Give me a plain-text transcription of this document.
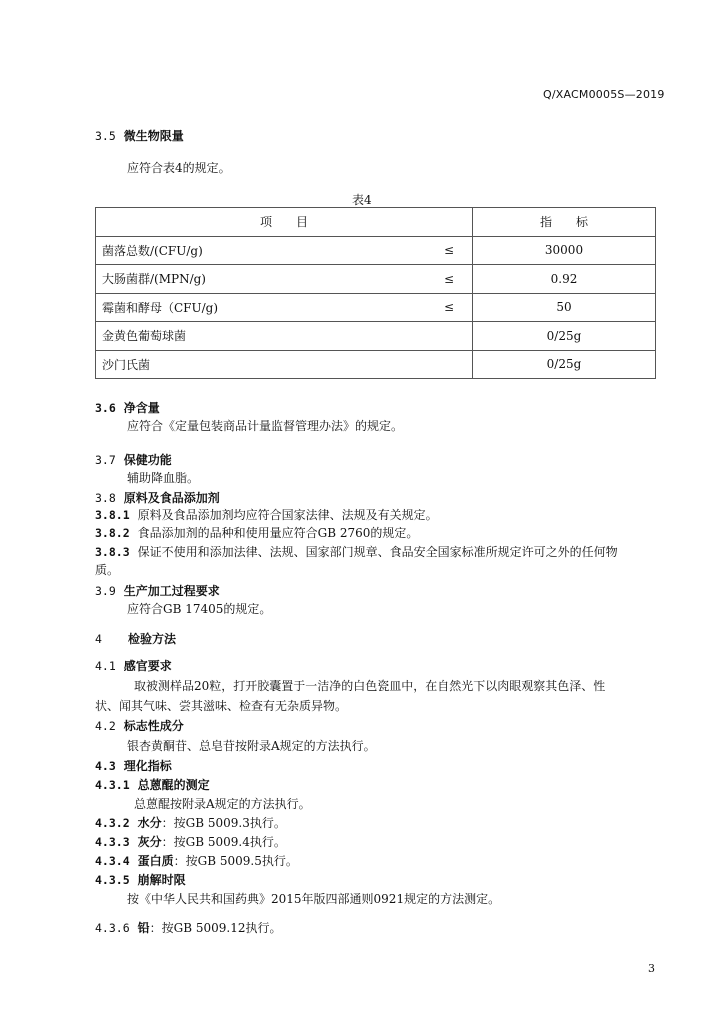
Q/XACM0005S—2019
3.5 微生物限量
应符合表4的规定。
表4
项　　目		指　　标
菌落总数/(CFU/g)	≤	30000
大肠菌群/(MPN/g)	≤	0.92
霉菌和酵母（CFU/g)	≤	50
金黄色葡萄球菌		0/25g
沙门氏菌		0/25g
3.6 净含量
应符合《定量包装商品计量监督管理办法》的规定。
3.7 保健功能
辅助降血脂。
3.8 原料及食品添加剂
3.8.1 原料及食品添加剂均应符合国家法律、法规及有关规定。
3.8.2 食品添加剂的品种和使用量应符合GB 2760的规定。
3.8.3 保证不使用和添加法律、法规、国家部门规章、食品安全国家标准所规定许可之外的任何物
质。
3.9 生产加工过程要求
应符合GB 17405的规定。
4 检验方法
4.1 感官要求
取被测样品20粒，打开胶囊置于一洁净的白色瓷皿中，在自然光下以肉眼观察其色泽、性
状、闻其气味、尝其滋味、检查有无杂质异物。
4.2 标志性成分
银杏黄酮苷、总皂苷按附录A规定的方法执行。
4.3 理化指标
4.3.1 总蒽醌的测定
总蒽醌按附录A规定的方法执行。
4.3.2 水分：按GB 5009.3执行。
4.3.3 灰分：按GB 5009.4执行。
4.3.4 蛋白质：按GB 5009.5执行。
4.3.5 崩解时限
按《中华人民共和国药典》2015年版四部通则0921规定的方法测定。
4.3.6 铅：按GB 5009.12执行。
3
